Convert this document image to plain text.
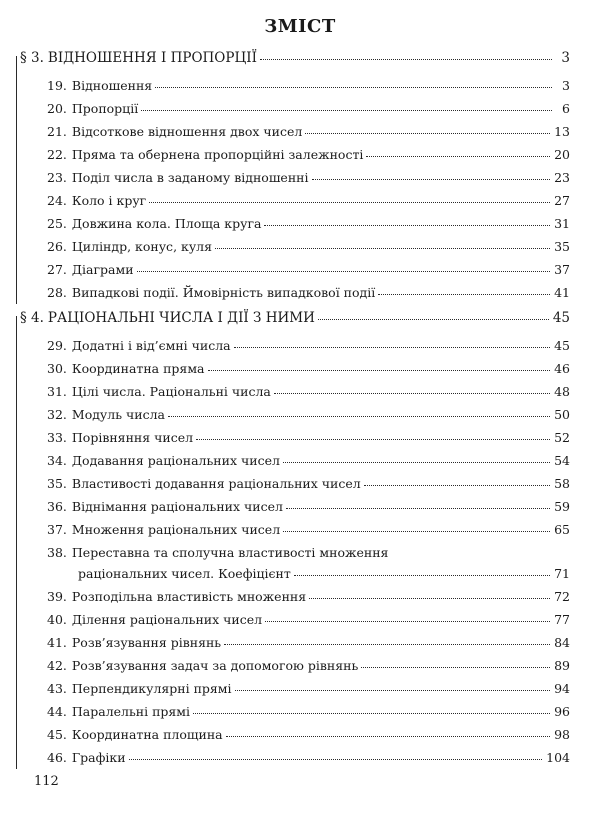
ЗМІСТ
§ 3. ВІДНОШЕННЯ І ПРОПОРЦІЇ	3
19. Відношення	3
20. Пропорції	6
21. Відсоткове відношення двох чисел	13
22. Пряма та обернена пропорційні залежності	20
23. Поділ числа в заданому відношенні	23
24. Коло і круг	27
25. Довжина кола. Площа круга	31
26. Циліндр, конус, куля	35
27. Діаграми	37
28. Випадкові події. Ймовірність випадкової події	41
§ 4. РАЦІОНАЛЬНІ ЧИСЛА І ДІЇ З НИМИ	45
29. Додатні і від’ємні числа	45
30. Координатна пряма	46
31. Цілі числа. Раціональні числа	48
32. Модуль числа	50
33. Порівняння чисел	52
34. Додавання раціональних чисел	54
35. Властивості додавання раціональних чисел	58
36. Віднімання раціональних чисел	59
37. Множення раціональних чисел	65
38. Переставна та сполучна властивості множення
раціональних чисел. Коефіцієнт	71
39. Розподільна властивість множення	72
40. Ділення раціональних чисел	77
41. Розв’язування рівнянь	84
42. Розв’язування задач за допомогою рівнянь	89
43. Перпендикулярні прямі	94
44. Паралельні прямі	96
45. Координатна площина	98
46. Графіки	104
112
